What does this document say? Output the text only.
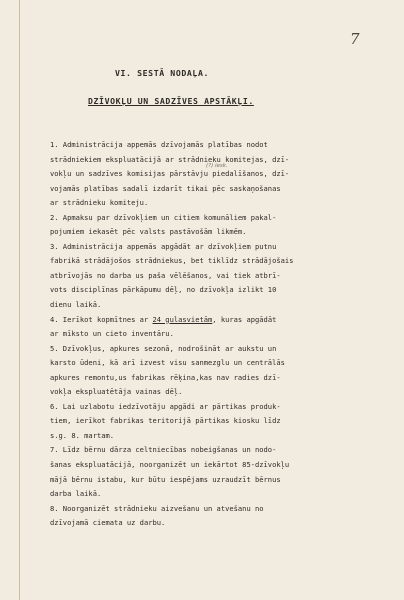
7
VI. SESTĀ NODAĻA.
DZĪVOKĻU UN SADZĪVES APSTĀKĻI.
(?) iesk.
1. Administrācija appemās dzīvojamās platības nodot
strādniekiem ekspluatācijā ar strādnieku komitejas, dzī-
vokļu un sadzīves komisijas pārstāvju piedalīšanos, dzī-
vojamās platības sadalī izdarīt tikai pēc saskaņošanas
ar strādnieku komiteju.
2. Apmaksu par dzīvokļiem un citiem komunāliem pakal-
pojumiem iekasēt pēc valsts pastāvošām likmēm.
3. Administrācija appemās apgādāt ar dzīvokļiem putnu
fabrikā strādājošos strādniekus, bet tiklīdz strādājošais
atbrīvojās no darba us paša vēlēšanos, vai tiek atbrī-
vots disciplīnas pārkāpumu dēļ, no dzīvokļa izlikt 10
dienu laikā.
4. Ierīkot kopmītnes ar 24 gulasvietām, kuras apgādāt
ar mīksto un cieto inventāru.
5. Dzīvokļus, apkures sezonā, nodrošināt ar aukstu un
karsto ūdeni, kā arī izvest visu sanmezglu un centrālās
apkures remontu,us fabrikas rēķina,kas nav radies dzī-
vokļa ekspluatētāja vainas dēļ.
6. Lai uzlabotu iedzīvotāju apgādi ar pārtikas produk-
tiem, ierīkot fabrikas teritorijā pārtikas kiosku līdz
s.g. 8. martam.
7. Līdz bērnu dārza celtniecības nobeigšanas un nodo-
šanas ekspluatācijā, noorganizēt un iekārtot 85-dzīvokļu
mājā bērnu istabu, kur būtu iespējams uzraudzīt bērnus
darba laikā.
8. Noorganizēt strādnieku aizvešanu un atvešanu no
dzīvojamā ciemata uz darbu.
